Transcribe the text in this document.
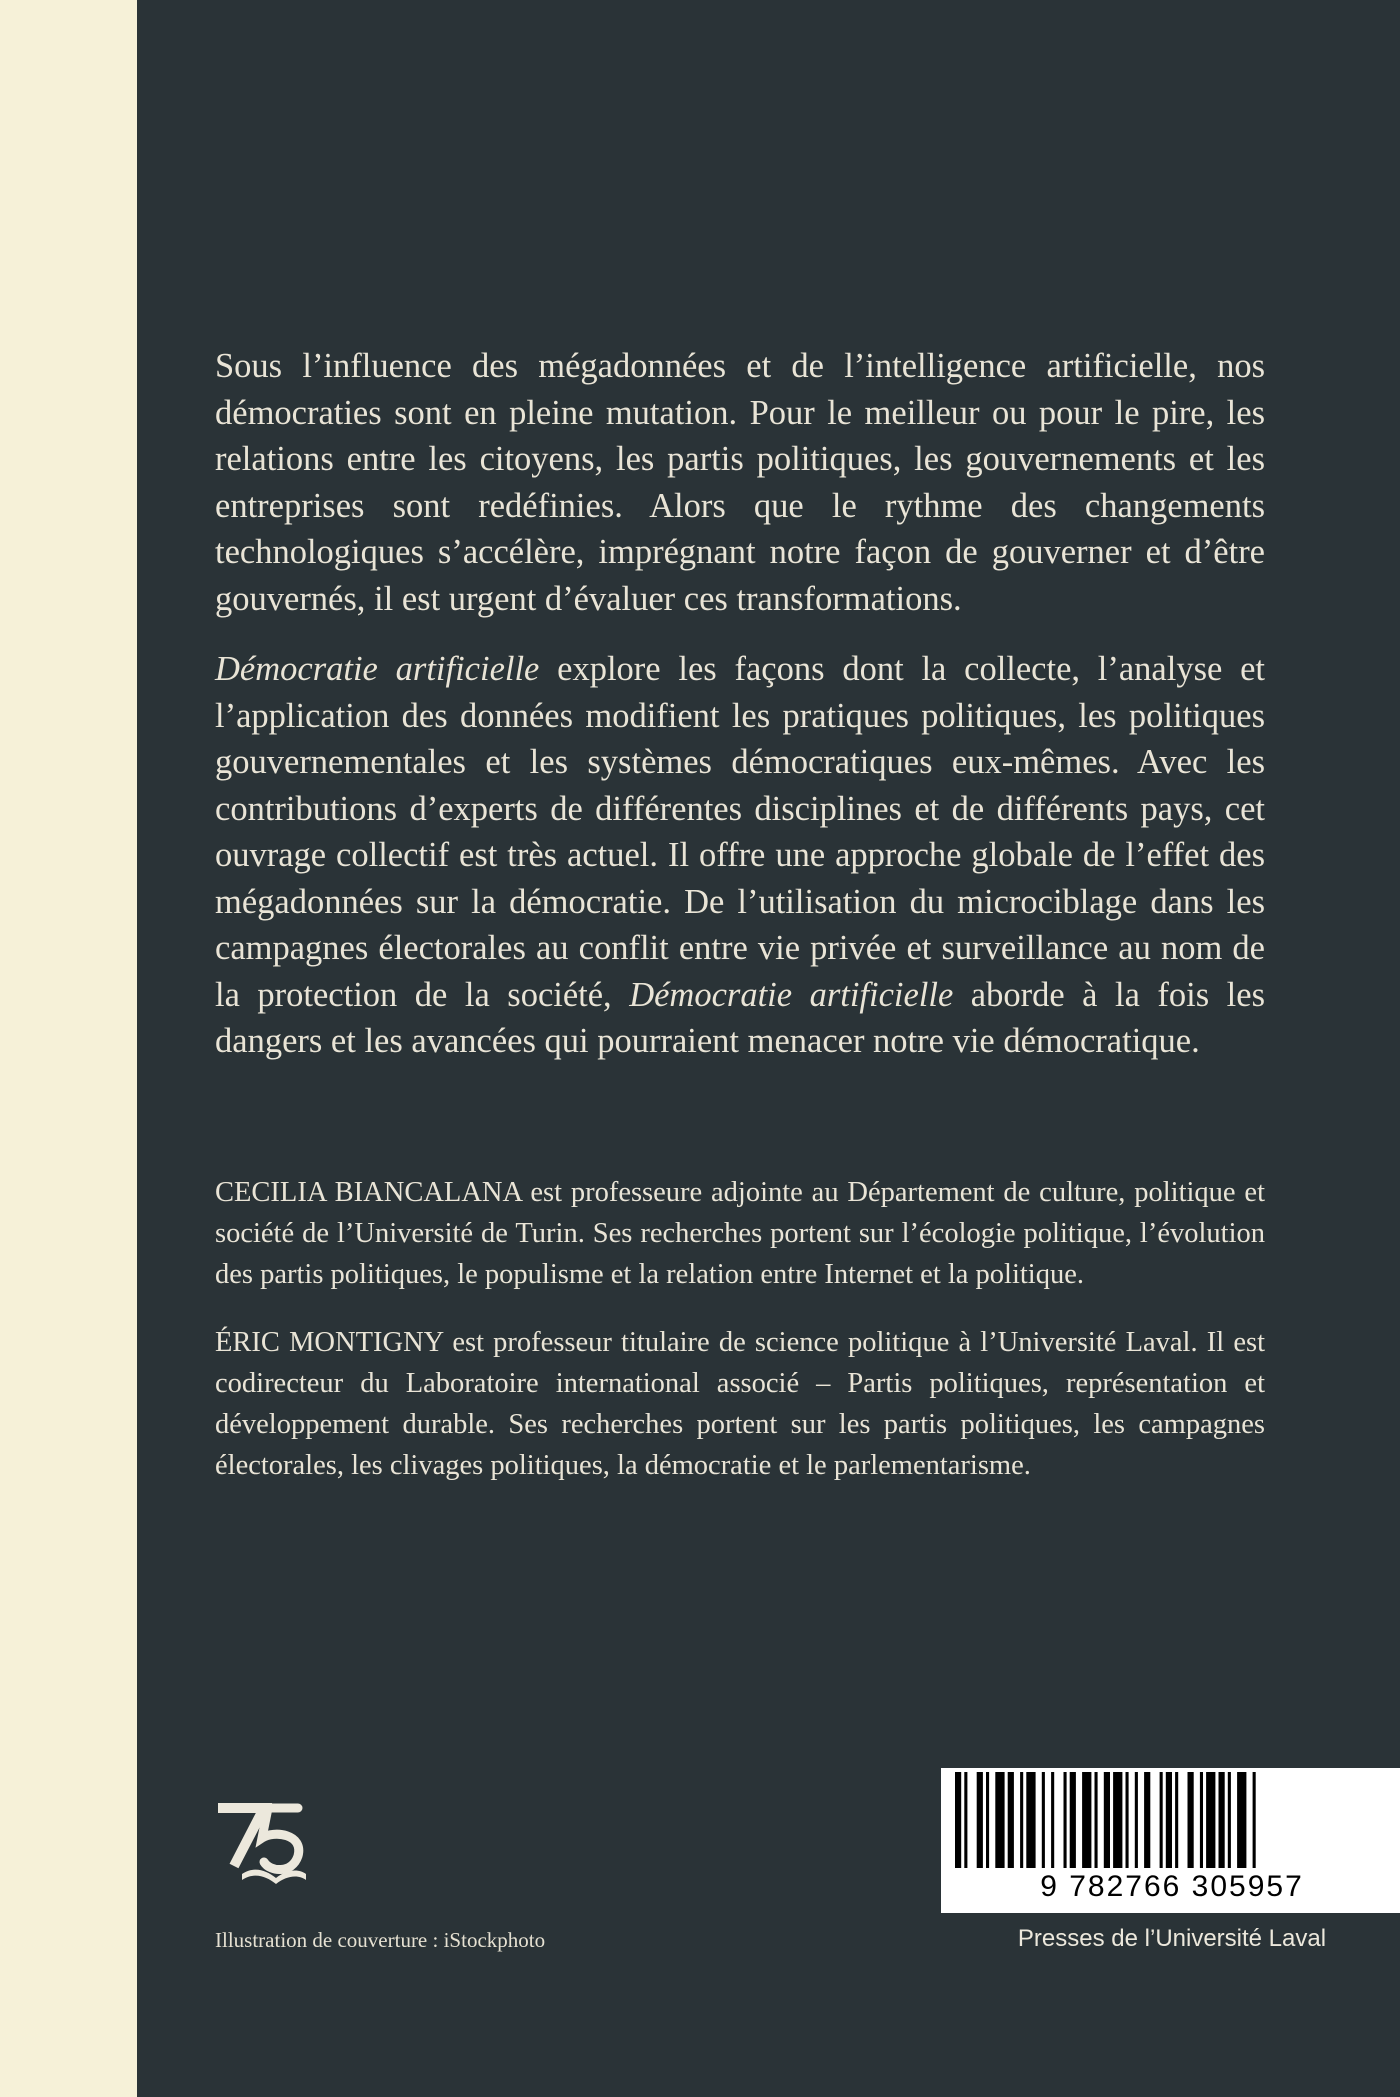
Sous l’influence des mégadonnées et de l’intelligence artificielle, nos démocraties sont en pleine mutation. Pour le meilleur ou pour le pire, les relations entre les citoyens, les partis politiques, les gouvernements et les entreprises sont redéfinies. Alors que le rythme des changements technologiques s’accélère, imprégnant notre façon de gouverner et d’être gouvernés, il est urgent d’évaluer ces transformations.

Démocratie artificielle explore les façons dont la collecte, l’analyse et l’application des données modifient les pratiques politiques, les politiques gouvernementales et les systèmes démocratiques eux-mêmes. Avec les contributions d’experts de différentes disciplines et de différents pays, cet ouvrage collectif est très actuel. Il offre une approche globale de l’effet des mégadonnées sur la démocratie. De l’utilisation du microciblage dans les campagnes électorales au conflit entre vie privée et surveillance au nom de la protection de la société, Démocratie artificielle aborde à la fois les dangers et les avancées qui pourraient menacer notre vie démocratique.

CECILIA BIANCALANA est professeure adjointe au Département de culture, politique et société de l’Université de Turin. Ses recherches portent sur l’écologie politique, l’évolution des partis politiques, le populisme et la relation entre Internet et la politique.

ÉRIC MONTIGNY est professeur titulaire de science politique à l’Université Laval. Il est codirecteur du Laboratoire international associé – Partis politiques, représentation et développement durable. Ses recherches portent sur les partis politiques, les campagnes électorales, les clivages politiques, la démocratie et le parlementarisme.

Illustration de couverture : iStockphoto
9 782766 305957
Presses de l’Université Laval
